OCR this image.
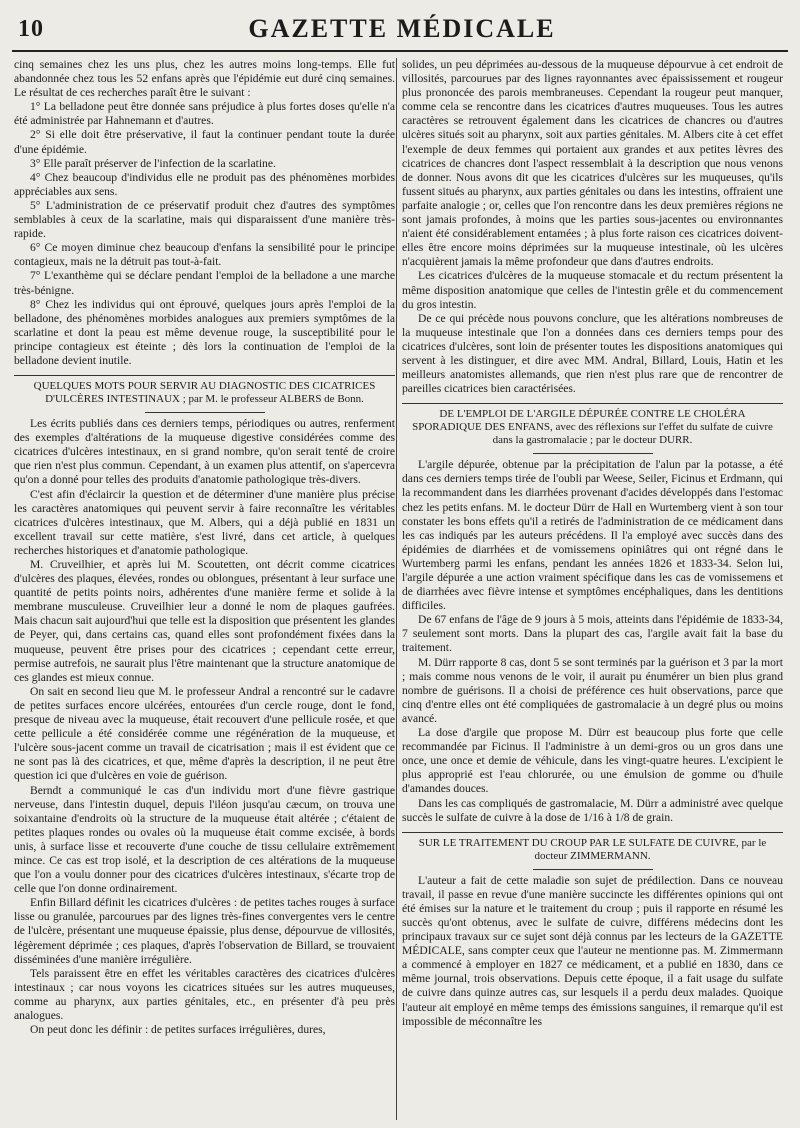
10	GAZETTE MÉDICALE

cinq semaines chez les uns plus, chez les autres moins long-temps. Elle fut abandonnée chez tous les 52 enfans après que l'épidémie eut duré cinq semaines. Le résultat de ces recherches paraît être le suivant :

1° La belladone peut être donnée sans préjudice à plus fortes doses qu'elle n'a été administrée par Hahnemann et d'autres.

2° Si elle doit être préservative, il faut la continuer pendant toute la durée d'une épidémie.

3° Elle paraît préserver de l'infection de la scarlatine.

4° Chez beaucoup d'individus elle ne produit pas des phénomènes morbides appréciables aux sens.

5° L'administration de ce préservatif produit chez d'autres des symptômes semblables à ceux de la scarlatine, mais qui disparaissent d'une manière très-rapide.

6° Ce moyen diminue chez beaucoup d'enfans la sensibilité pour le principe contagieux, mais ne la détruit pas tout-à-fait.

7° L'exanthème qui se déclare pendant l'emploi de la belladone a une marche très-bénigne.

8° Chez les individus qui ont éprouvé, quelques jours après l'emploi de la belladone, des phénomènes morbides analogues aux premiers symptômes de la scarlatine et dont la peau est même devenue rouge, la susceptibilité pour le principe contagieux est éteinte ; dès lors la continuation de l'emploi de la belladone devient inutile.

QUELQUES MOTS POUR SERVIR AU DIAGNOSTIC DES CICATRICES D'ULCÈRES INTESTINAUX ; par M. le professeur ALBERS de Bonn.

Les écrits publiés dans ces derniers temps, périodiques ou autres, renferment des exemples d'altérations de la muqueuse digestive considérées comme des cicatrices d'ulcères intestinaux, en si grand nombre, qu'on serait tenté de croire que rien n'est plus commun. Cependant, à un examen plus attentif, on s'apercevra qu'on a donné pour telles des produits d'anatomie pathologique très-divers.

C'est afin d'éclaircir la question et de déterminer d'une manière plus précise les caractères anatomiques qui peuvent servir à faire reconnaître les véritables cicatrices d'ulcères intestinaux, que M. Albers, qui a déjà publié en 1831 un excellent travail sur cette matière, s'est livré, dans cet article, à quelques recherches historiques et d'anatomie pathologique.

M. Cruveilhier, et après lui M. Scoutetten, ont décrit comme cicatrices d'ulcères des plaques, élevées, rondes ou oblongues, présentant à leur surface une quantité de petits points noirs, adhérentes d'une manière ferme et solide à la membrane musculeuse. Cruveilhier leur a donné le nom de plaques gaufrées. Mais chacun sait aujourd'hui que telle est la disposition que présentent les glandes de Peyer, qui, dans certains cas, quand elles sont profondément fixées dans la muqueuse, peuvent être prises pour des cicatrices ; cependant cette erreur, permise autrefois, ne saurait plus l'être maintenant que la structure anatomique de ces glandes est mieux connue.

On sait en second lieu que M. le professeur Andral a rencontré sur le cadavre de petites surfaces encore ulcérées, entourées d'un cercle rouge, dont le fond, presque de niveau avec la muqueuse, était recouvert d'une pellicule rosée, et que cette pellicule a été considérée comme une régénération de la muqueuse, et l'ulcère sous-jacent comme un travail de cicatrisation ; mais il est évident que ce ne sont pas là des cicatrices, et que, même d'après la description, il ne peut être question ici que d'ulcères en voie de guérison.

Berndt a communiqué le cas d'un individu mort d'une fièvre gastrique nerveuse, dans l'intestin duquel, depuis l'iléon jusqu'au cæcum, on trouva une soixantaine d'endroits où la structure de la muqueuse était altérée ; c'étaient de petites plaques rondes ou ovales où la muqueuse était comme excisée, à bords unis, à surface lisse et recouverte d'une couche de tissu cellulaire extrêmement mince. Ce cas est trop isolé, et la description de ces altérations de la muqueuse que l'on a voulu donner pour des cicatrices d'ulcères intestinaux, s'écarte trop de celle que l'on donne ordinairement.

Enfin Billard définit les cicatrices d'ulcères : de petites taches rouges à surface lisse ou granulée, parcourues par des lignes très-fines convergentes vers le centre de l'ulcère, présentant une muqueuse épaissie, plus dense, dépourvue de villosités, légèrement déprimée ; ces plaques, d'après l'observation de Billard, se trouvaient disséminées d'une manière irrégulière.

Tels paraissent être en effet les véritables caractères des cicatrices d'ulcères intestinaux ; car nous voyons les cicatrices situées sur les autres muqueuses, comme au pharynx, aux parties génitales, etc., en présenter d'à peu près analogues.

On peut donc les définir : de petites surfaces irrégulières, dures,

solides, un peu déprimées au-dessous de la muqueuse dépourvue à cet endroit de villosités, parcourues par des lignes rayonnantes avec épaississement et rougeur plus prononcée des parois membraneuses. Cependant la rougeur peut manquer, comme cela se rencontre dans les cicatrices d'autres muqueuses. Tous les autres caractères se retrouvent également dans les cicatrices de chancres ou d'autres ulcères situés soit au pharynx, soit aux parties génitales. M. Albers cite à cet effet l'exemple de deux femmes qui portaient aux grandes et aux petites lèvres des cicatrices de chancres dont l'aspect ressemblait à la description que nous venons de donner. Nous avons dit que les cicatrices d'ulcères sur les muqueuses, qu'ils fussent situés au pharynx, aux parties génitales ou dans les intestins, offraient une parfaite analogie ; or, celles que l'on rencontre dans les deux premières régions ne sont jamais profondes, à moins que les parties sous-jacentes ou environnantes n'aient été considérablement entamées ; à plus forte raison ces cicatrices doivent-elles être encore moins déprimées sur la muqueuse intestinale, où les ulcères n'acquièrent jamais la même profondeur que dans d'autres endroits.

Les cicatrices d'ulcères de la muqueuse stomacale et du rectum présentent la même disposition anatomique que celles de l'intestin grêle et du commencement du gros intestin.

De ce qui précède nous pouvons conclure, que les altérations nombreuses de la muqueuse intestinale que l'on a données dans ces derniers temps pour des cicatrices d'ulcères, sont loin de présenter toutes les dispositions anatomiques qui servent à les distinguer, et dire avec MM. Andral, Billard, Louis, Hatin et les meilleurs anatomistes allemands, que rien n'est plus rare que de rencontrer de pareilles cicatrices bien caractérisées.

DE L'EMPLOI DE L'ARGILE DÉPURÉE CONTRE LE CHOLÉRA SPORADIQUE DES ENFANS, avec des réflexions sur l'effet du sulfate de cuivre dans la gastromalacie ; par le docteur DURR.

L'argile dépurée, obtenue par la précipitation de l'alun par la potasse, a été dans ces derniers temps tirée de l'oubli par Weese, Seiler, Ficinus et Erdmann, qui la recommandent dans les diarrhées provenant d'acides développés dans l'estomac chez les petits enfans. M. le docteur Dürr de Hall en Wurtemberg vient à son tour constater les bons effets qu'il a retirés de l'administration de ce médicament dans les cas indiqués par les auteurs précédens. Il l'a employé avec succès dans des épidémies de diarrhées et de vomissemens opiniâtres qui ont régné dans le Wurtemberg parmi les enfans, pendant les années 1826 et 1833-34. Selon lui, l'argile dépurée a une action vraiment spécifique dans les cas de vomissemens et de diarrhées avec fièvre intense et symptômes encéphaliques, dans les dentitions difficiles.

De 67 enfans de l'âge de 9 jours à 5 mois, atteints dans l'épidémie de 1833-34, 7 seulement sont morts. Dans la plupart des cas, l'argile avait fait la base du traitement.

M. Dürr rapporte 8 cas, dont 5 se sont terminés par la guérison et 3 par la mort ; mais comme nous venons de le voir, il aurait pu énumérer un bien plus grand nombre de guérisons. Il a choisi de préférence ces huit observations, parce que cinq d'entre elles ont été compliquées de gastromalacie à un degré plus ou moins avancé.

La dose d'argile que propose M. Dürr est beaucoup plus forte que celle recommandée par Ficinus. Il l'administre à un demi-gros ou un gros dans une once, une once et demie de véhicule, dans les vingt-quatre heures. L'excipient le plus approprié est l'eau chlorurée, ou une émulsion de gomme ou d'huile d'amandes douces.

Dans les cas compliqués de gastromalacie, M. Dürr a administré avec quelque succès le sulfate de cuivre à la dose de 1/16 à 1/8 de grain.

SUR LE TRAITEMENT DU CROUP PAR LE SULFATE DE CUIVRE, par le docteur ZIMMERMANN.

L'auteur a fait de cette maladie son sujet de prédilection. Dans ce nouveau travail, il passe en revue d'une manière succincte les différentes opinions qui ont été émises sur la nature et le traitement du croup ; puis il rapporte en résumé les succès qu'ont obtenus, avec le sulfate de cuivre, différens médecins dont les principaux travaux sur ce sujet sont déjà connus par les lecteurs de la GAZETTE MÉDICALE, sans compter ceux que l'auteur ne mentionne pas. M. Zimmermann a commencé à employer en 1827 ce médicament, et a publié en 1830, dans ce même journal, trois observations. Depuis cette époque, il a fait usage du sulfate de cuivre dans quinze autres cas, sur lesquels il a perdu deux malades. Quoique l'auteur ait employé en même temps des émissions sanguines, il remarque qu'il est impossible de méconnaître les
